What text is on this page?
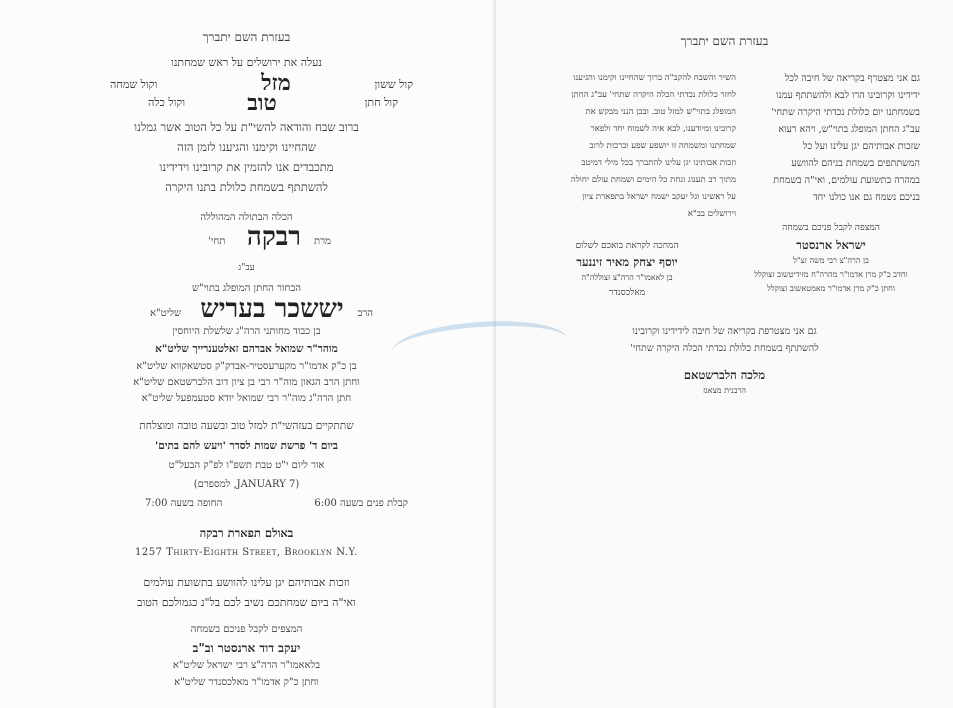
בעזרת השם יתברך
נעלה את ירושלים על ראש שמחתנו
קול ששון
וקול שמחה
קול חתן
וקול כלה
מזל
טוב
ברוב שבח והודאה להשי"ת על כל הטוב אשר גמלנו
שהחיינו וקימנו והגיענו לזמן הזה
מתכבדים אנו להזמין את קרובינו וידידינו
להשתתף בשמחת כלולת בתנו היקרה
הכלה הבתולה המהוללה
מרת
רבקה
תחי'
עב"ג
הבחור החתן המופלג בתוי"ש
הרב
יששכר בעריש
שליט"א
בן כבוד מחותני הרה"ג שלשלת היוחסין
מוהר"ר שמואל אברהם זאלטענרייך שליט"א
בן כ"ק אדמו"ר מקערעסטיר-אבדק"ק סטשאקווא שליט"א
וחתן הרב הגאון מוה"ר רבי בן ציון דוב הלברשטאם שליט"א
חתן הרה"ג מוה"ר רבי שמואל יודא סטעמפעל שליט"א
שתתקיים בעזהשי"ת למזל טוב ובשעה טובה ומוצלחת
ביום ד' פרשת שמות לסדר 'ויעש להם בתים'
אור ליום י"ט טבת תשפ"ו לפ"ק הבעל"ט
(JANUARY 7, למספרם)
קבלת פנים בשעה 6:00
החופה בשעה 7:00
באולם תפארת רבקה
1257 Thirty-Eighth Street, Brooklyn N.Y.
וזכות אבותיהם יגן עלינו להוושע בתשועת עולמים
ואי"ה ביום שמחתכם נשיב לכם בל"נ כגמולכם הטוב
המצפים לקבל פניכם בשמחה
יעקב דוד ארנסטר וב"ב
בלאאמו"ר הרה"צ רבי ישראל שליט"א
וחתן כ"ק אדמו"ר מאלכסנדר שליט"א
בעזרת השם יתברך
גם אני מצטרף בקריאה של חיבה לכל
ידידינו וקרובינו הרו לבא ולהשתתף עמנו
בשמחתנו יום כלולת נכדתי היקרה שתחי'
עב"ג החתן המופלג בתוי"ש, ויהא רעוא
שזכות אבותיהם יגן עלינו ועל כל
המשתתפים בשמחת בניהם להוושע
במהרה בתשועת עולמים, ואי"ה בשמחת
בניכם נשמח גם אנו כולנו יחד
השיר והשבח להקב"ה ברוך שהחיינו וקימנו והגיענו
לחזר כלולת נכדתי הכלה היקרה שתחי' עב"ג החתן
המופלג בתוי"ש למזל טוב. ובכן הנני מבקש את
קרובינו ומיודענו, לבא איה לשמוח יחד ולפאר
שמחתנו ומשמחה זו יושפע שפע וברכות לרוב
וזכות אבותינו יגן עלינו להתברך בכל מילי דמיטב
מתוך רב תענוג ונחת כל הימים ושמחת עולם יחולה
על ראשינו וגל יעקב ישמח ישראל בתפארת ציון
וירושלים בב"א
המצפה לקבל פניכם בשמחה
ישראל ארנסטר
בן הרה"צ רבי משה זצ"ל
וחדב כ"ק מרן אדמו"ר מהרה"ח מזידיטשוב זצוקלל
וחתן כ"ק מרן אדמו"ר מאמטאשוב זצוקלל
המחכה לקראת בואכם לשלום
יוסף יצחק מאיר זיננער
בן לאאמו"ר הרה"צ זצוללה"ה
מאלכסנדר
גם אני מצטרפת בקריאה של חיבה לידידינו וקרובינו
להשתתף בשמחת כלולת נכדתי הכלה היקרה שתחי'
מלכה הלברשטאם
הרבנית מצאנז
